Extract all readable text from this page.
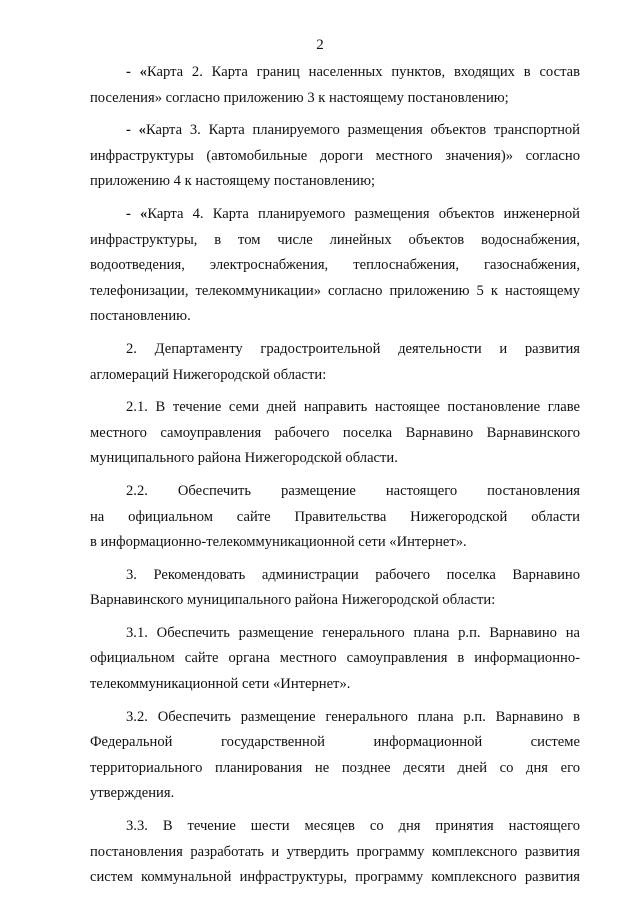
2
- «Карта 2. Карта границ населенных пунктов, входящих в состав
поселения» согласно приложению 3 к настоящему постановлению;
- «Карта 3. Карта планируемого размещения объектов транспортной
инфраструктуры (автомобильные дороги местного значения)» согласно
приложению 4 к настоящему постановлению;
- «Карта 4. Карта планируемого размещения объектов инженерной
инфраструктуры, в том числе линейных объектов водоснабжения,
водоотведения, электроснабжения, теплоснабжения, газоснабжения,
телефонизации, телекоммуникации» согласно приложению 5 к настоящему
постановлению.
2. Департаменту градостроительной деятельности и развития
агломераций Нижегородской области:
2.1. В течение семи дней направить настоящее постановление главе
местного самоуправления рабочего поселка Варнавино Варнавинского
муниципального района Нижегородской области.
2.2. Обеспечить размещение настоящего постановления
на официальном сайте Правительства Нижегородской области
в информационно-телекоммуникационной сети «Интернет».
3. Рекомендовать администрации рабочего поселка Варнавино
Варнавинского муниципального района Нижегородской области:
3.1. Обеспечить размещение генерального плана р.п. Варнавино на
официальном сайте органа местного самоуправления в информационно-
телекоммуникационной сети «Интернет».
3.2. Обеспечить размещение генерального плана р.п. Варнавино в
Федеральной государственной информационной системе
территориального планирования не позднее десяти дней со дня его
утверждения.
3.3. В течение шести месяцев со дня принятия настоящего
постановления разработать и утвердить программу комплексного развития
систем коммунальной инфраструктуры, программу комплексного развития
